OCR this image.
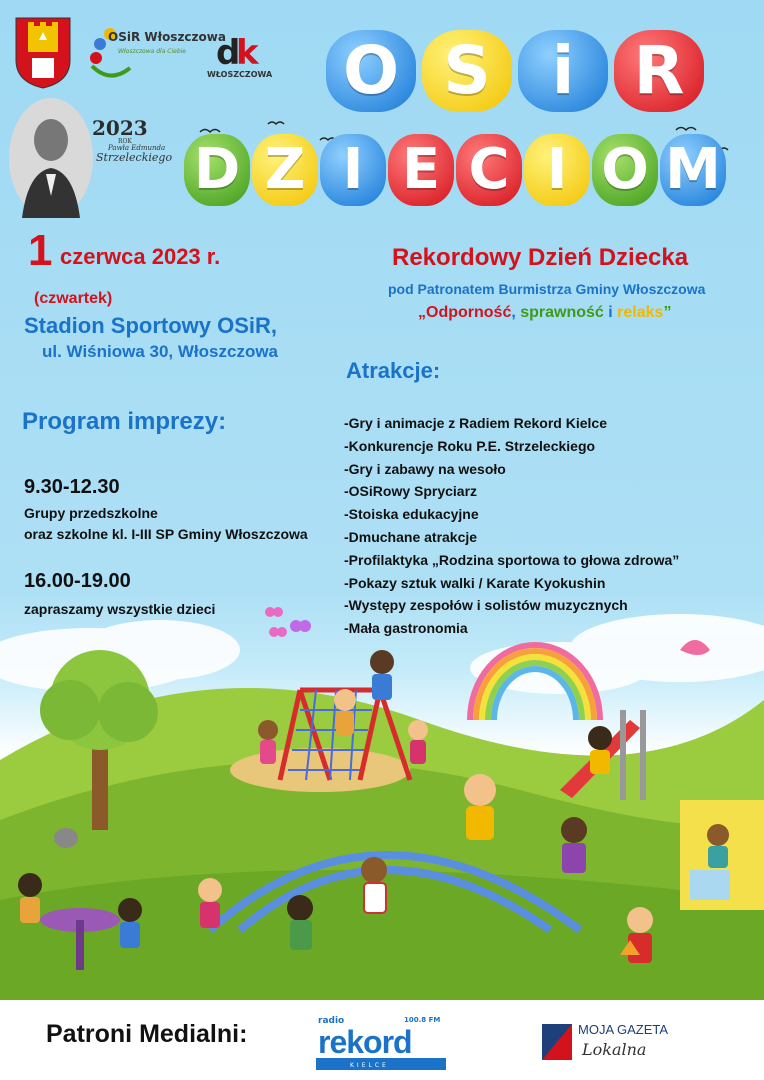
OSiR Włoszczowa
Włoszczowa dla Ciebie d
k
WŁOSZCZOWA
2023
ROK
Pawła Edmunda
Strzeleckiego
O S i R
D Z I E C I O M
1 czerwca 2023 r.
(czwartek)
Stadion Sportowy OSiR,
ul. Wiśniowa 30, Włoszczowa
Program imprezy:
9.30-12.30
Grupy przedszkolne
oraz szkolne kl. I-III SP Gminy Włoszczowa
16.00-19.00
zapraszamy wszystkie dzieci
Rekordowy Dzień Dziecka
pod Patronatem Burmistrza Gminy Włoszczowa
„Odporność, sprawność i relaks”
Atrakcje:
-Gry i animacje z Radiem Rekord Kielce
-Konkurencje Roku P.E. Strzeleckiego
-Gry i zabawy na wesoło
-OSiRowy Spryciarz
-Stoiska edukacyjne
-Dmuchane atrakcje
-Profilaktyka „Rodzina sportowa to głowa zdrowa”
-Pokazy sztuk walki / Karate Kyokushin
-Występy zespołów i solistów muzycznych
-Mała gastronomia
Patroni Medialni:	radio
rekord
100.8 FM
KIELCE
MOJA GAZETA
Lokalna
